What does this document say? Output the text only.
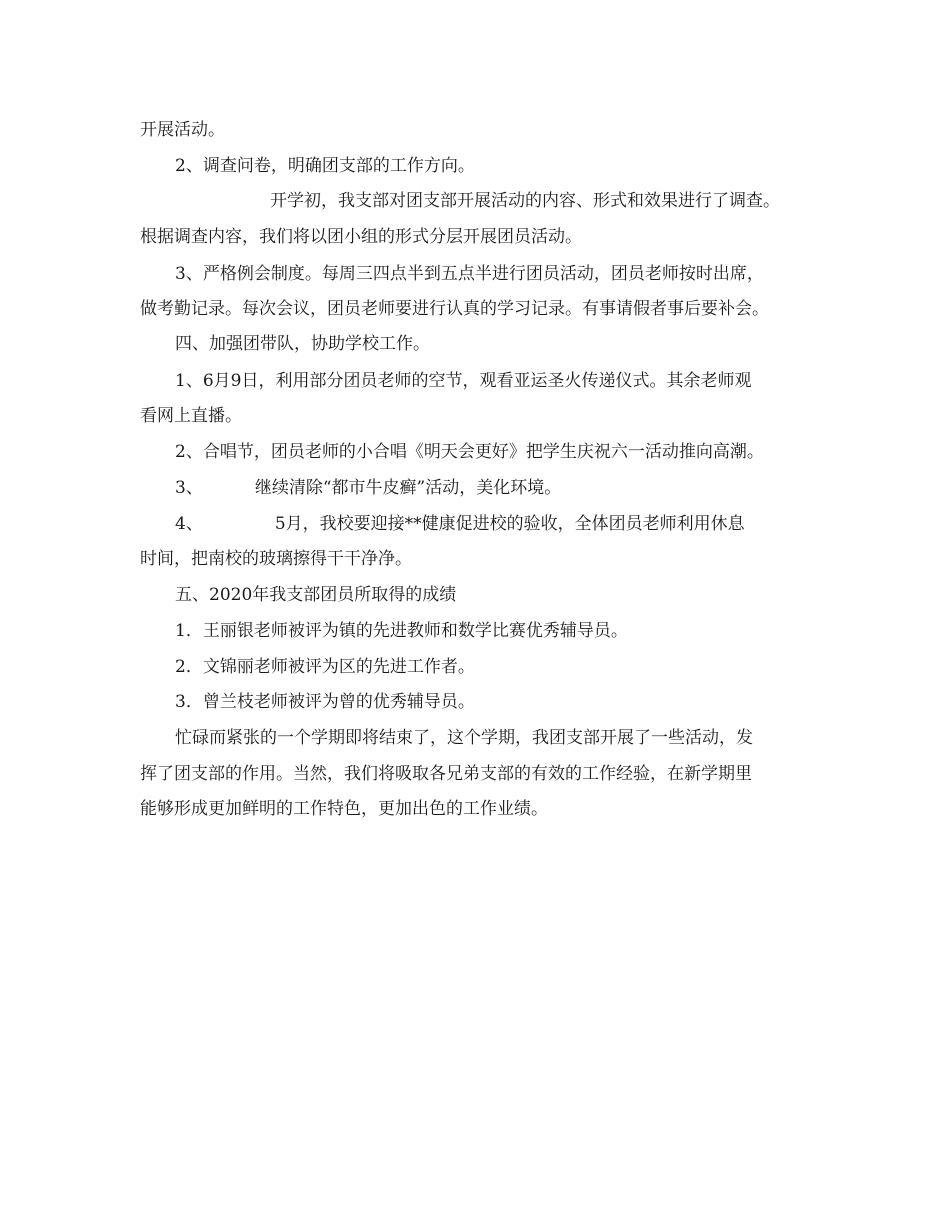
开展活动。
2、调查问卷，明确团支部的工作方向。
开学初，我支部对团支部开展活动的内容、形式和效果进行了调查。
根据调查内容，我们将以团小组的形式分层开展团员活动。
3、严格例会制度。每周三四点半到五点半进行团员活动，团员老师按时出席，
做考勤记录。每次会议，团员老师要进行认真的学习记录。有事请假者事后要补会。
四、加强团带队，协助学校工作。
1、6月9日，利用部分团员老师的空节，观看亚运圣火传递仪式。其余老师观
看网上直播。
2、合唱节，团员老师的小合唱《明天会更好》把学生庆祝六一活动推向高潮。
3、	继续清除“都市牛皮癣”活动，美化环境。
4、	5月，我校要迎接**健康促进校的验收，全体团员老师利用休息
时间，把南校的玻璃擦得干干净净。
五、2020年我支部团员所取得的成绩
1．王丽银老师被评为镇的先进教师和数学比赛优秀辅导员。
2．文锦丽老师被评为区的先进工作者。
3．曾兰枝老师被评为曾的优秀辅导员。
忙碌而紧张的一个学期即将结束了，这个学期，我团支部开展了一些活动，发
挥了团支部的作用。当然，我们将吸取各兄弟支部的有效的工作经验，在新学期里
能够形成更加鲜明的工作特色，更加出色的工作业绩。
